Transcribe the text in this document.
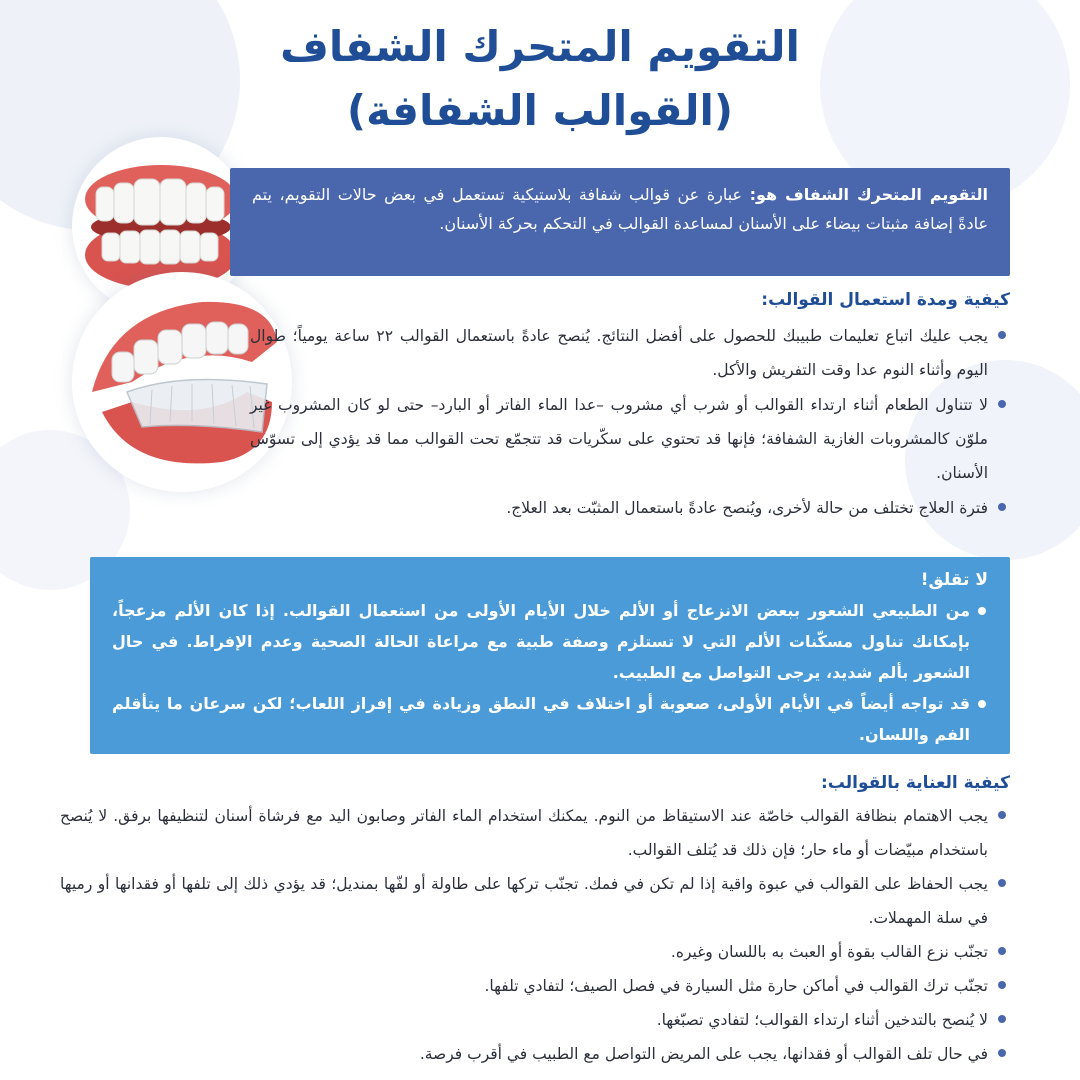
التقويم المتحرك الشفاف
(القوالب الشفافة)
التقويم المتحرك الشفاف هو: عبارة عن قوالب شفافة بلاستيكية تستعمل في بعض حالات التقويم، يتم عادةً إضافة مثبتات بيضاء على الأسنان لمساعدة القوالب في التحكم بحركة الأسنان.
كيفية ومدة استعمال القوالب:
يجب عليك اتباع تعليمات طبيبك للحصول على أفضل النتائج. يُنصح عادةً باستعمال القوالب ٢٢ ساعة يومياً؛ طوال اليوم وأثناء النوم عدا وقت التفريش والأكل.
لا تتناول الطعام أثناء ارتداء القوالب أو شرب أي مشروب –عدا الماء الفاتر أو البارد– حتى لو كان المشروب غير ملوّن كالمشروبات الغازية الشفافة؛ فإنها قد تحتوي على سكّريات قد تتجمّع تحت القوالب مما قد يؤدي إلى تسوّس الأسنان.
فترة العلاج تختلف من حالة لأخرى، ويُنصح عادةً باستعمال المثبّت بعد العلاج.
لا تقلق!
من الطبيعي الشعور ببعض الانزعاج أو الألم خلال الأيام الأولى من استعمال القوالب. إذا كان الألم مزعجاً، بإمكانك تناول مسكّنات الألم التي لا تستلزم وصفة طبية مع مراعاة الحالة الصحية وعدم الإفراط. في حال الشعور بألم شديد، يرجى التواصل مع الطبيب.
قد تواجه أيضاً في الأيام الأولى، صعوبة أو اختلاف في النطق وزيادة في إفراز اللعاب؛ لكن سرعان ما يتأقلم الفم واللسان.
كيفية العناية بالقوالب:
يجب الاهتمام بنظافة القوالب خاصّة عند الاستيقاظ من النوم. يمكنك استخدام الماء الفاتر وصابون اليد مع فرشاة أسنان لتنظيفها برفق. لا يُنصح باستخدام مبيّضات أو ماء حار؛ فإن ذلك قد يُتلف القوالب.
يجب الحفاظ على القوالب في عبوة واقية إذا لم تكن في فمك. تجنّب تركها على طاولة أو لفّها بمنديل؛ قد يؤدي ذلك إلى تلفها أو فقدانها أو رميها في سلة المهملات.
تجنّب نزع القالب بقوة أو العبث به باللسان وغيره.
تجنّب ترك القوالب في أماكن حارة مثل السيارة في فصل الصيف؛ لتفادي تلفها.
لا يُنصح بالتدخين أثناء ارتداء القوالب؛ لتفادي تصبّغها.
في حال تلف القوالب أو فقدانها، يجب على المريض التواصل مع الطبيب في أقرب فرصة.
